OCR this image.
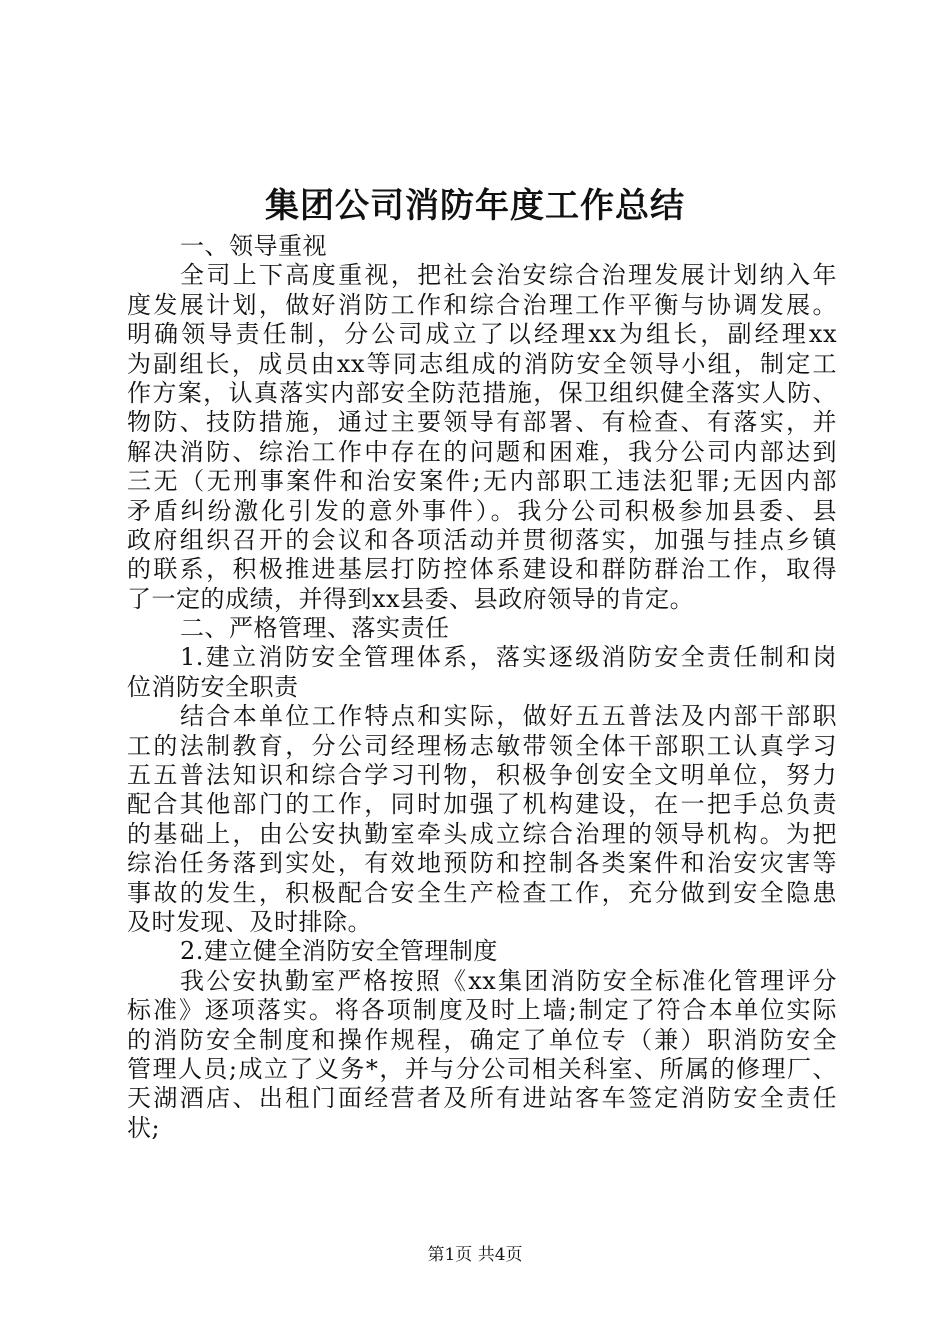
集团公司消防年度工作总结
一、领导重视
全司上下高度重视，把社会治安综合治理发展计划纳入年
度发展计划，做好消防工作和综合治理工作平衡与协调发展。
明确领导责任制，分公司成立了以经理xx为组长，副经理xx
为副组长，成员由xx等同志组成的消防安全领导小组，制定工
作方案，认真落实内部安全防范措施，保卫组织健全落实人防、
物防、技防措施，通过主要领导有部署、有检查、有落实，并
解决消防、综治工作中存在的问题和困难，我分公司内部达到
三无（无刑事案件和治安案件;无内部职工违法犯罪;无因内部
矛盾纠纷激化引发的意外事件）。我分公司积极参加县委、县
政府组织召开的会议和各项活动并贯彻落实，加强与挂点乡镇
的联系，积极推进基层打防控体系建设和群防群治工作，取得
了一定的成绩，并得到xx县委、县政府领导的肯定。
二、严格管理、落实责任
1.建立消防安全管理体系，落实逐级消防安全责任制和岗
位消防安全职责
结合本单位工作特点和实际，做好五五普法及内部干部职
工的法制教育，分公司经理杨志敏带领全体干部职工认真学习
五五普法知识和综合学习刊物，积极争创安全文明单位，努力
配合其他部门的工作，同时加强了机构建设，在一把手总负责
的基础上，由公安执勤室牵头成立综合治理的领导机构。为把
综治任务落到实处，有效地预防和控制各类案件和治安灾害等
事故的发生，积极配合安全生产检查工作，充分做到安全隐患
及时发现、及时排除。
2.建立健全消防安全管理制度
我公安执勤室严格按照《xx集团消防安全标准化管理评分
标准》逐项落实。将各项制度及时上墙;制定了符合本单位实际
的消防安全制度和操作规程，确定了单位专（兼）职消防安全
管理人员;成立了义务*，并与分公司相关科室、所属的修理厂、
天湖酒店、出租门面经营者及所有进站客车签定消防安全责任
状;
第1页 共4页
